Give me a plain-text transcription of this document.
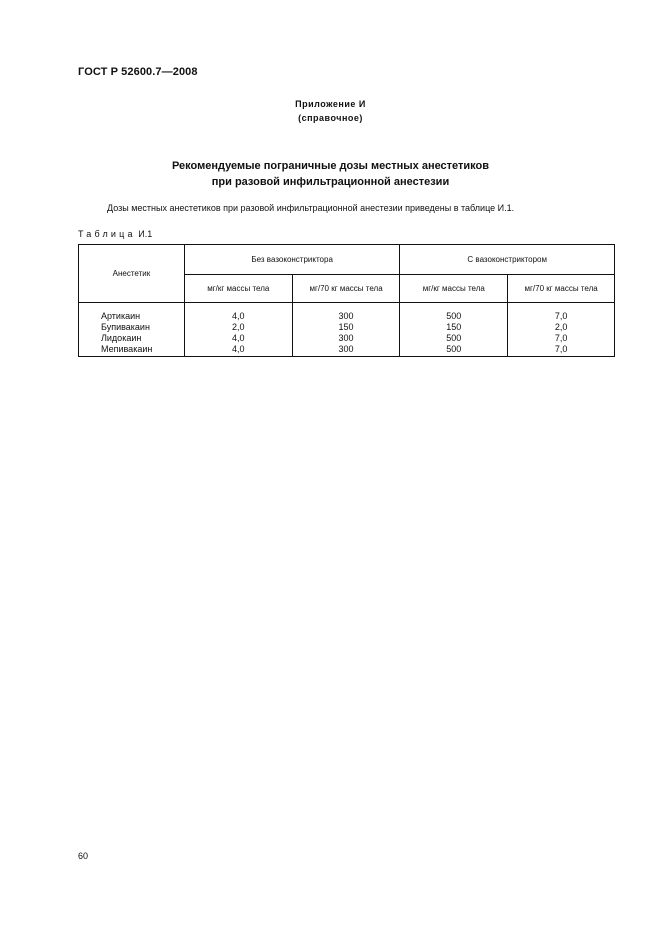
ГОСТ Р 52600.7—2008
Приложение И
(справочное)
Рекомендуемые пограничные дозы местных анестетиков
при разовой инфильтрационной анестезии
Дозы местных анестетиков при разовой инфильтрационной анестезии приведены в таблице И.1.
Таблица И.1
Анестетик	Без вазоконстриктора		С вазоконстриктором	
	мг/кг массы тела	мг/70 кг массы тела	мг/кг массы тела	мг/70 кг массы тела
Артикаин	4,0	300	500	7,0
Бупивакаин	2,0	150	150	2,0
Лидокаин	4,0	300	500	7,0
Мепивакаин	4,0	300	500	7,0
60
